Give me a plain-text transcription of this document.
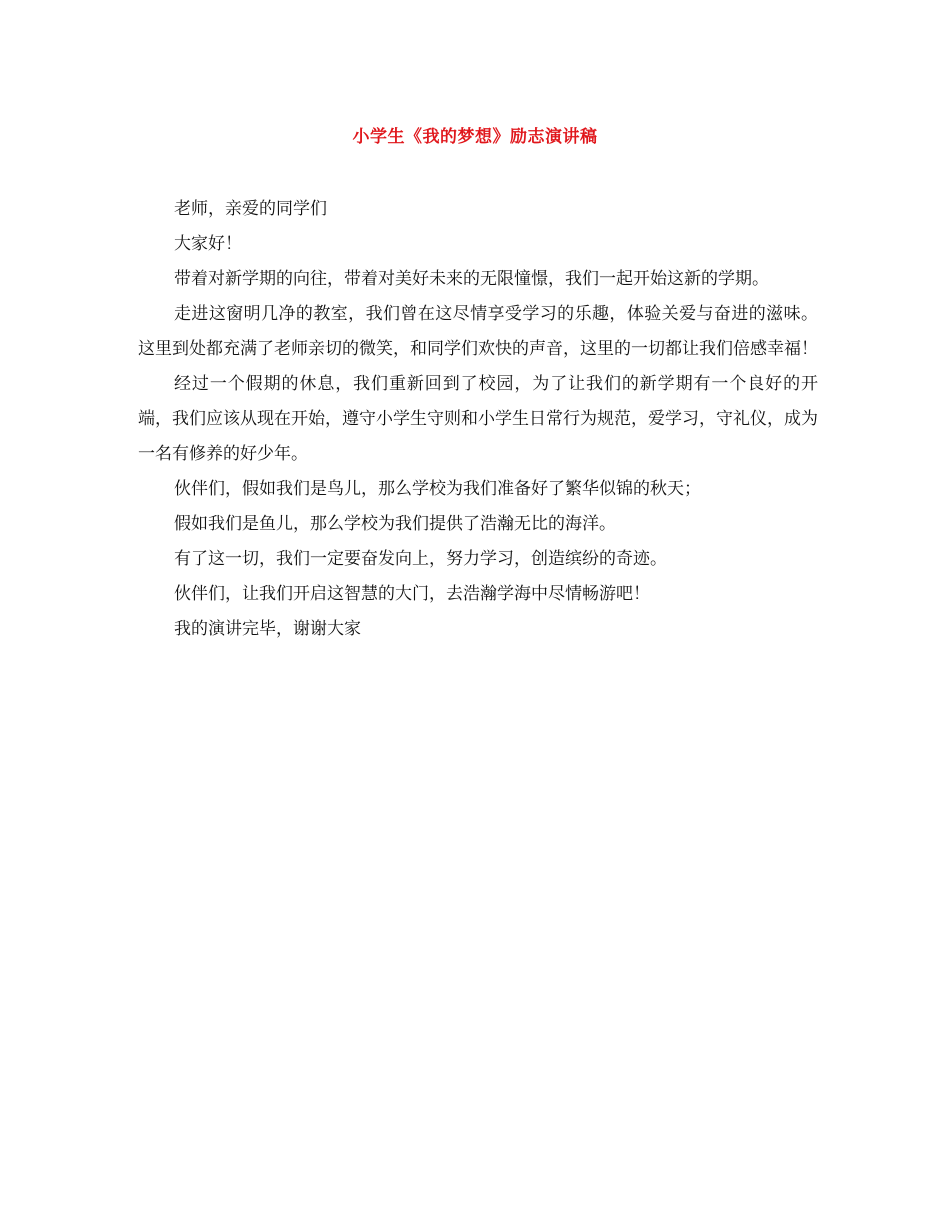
小学生《我的梦想》励志演讲稿

老师，亲爱的同学们

大家好！

带着对新学期的向往，带着对美好未来的无限憧憬，我们一起开始这新的学期。

走进这窗明几净的教室，我们曾在这尽情享受学习的乐趣，体验关爱与奋进的滋味。这里到处都充满了老师亲切的微笑，和同学们欢快的声音，这里的一切都让我们倍感幸福！

经过一个假期的休息，我们重新回到了校园，为了让我们的新学期有一个良好的开端，我们应该从现在开始，遵守小学生守则和小学生日常行为规范，爱学习，守礼仪，成为一名有修养的好少年。

伙伴们，假如我们是鸟儿，那么学校为我们准备好了繁华似锦的秋天；

假如我们是鱼儿，那么学校为我们提供了浩瀚无比的海洋。

有了这一切，我们一定要奋发向上，努力学习，创造缤纷的奇迹。

伙伴们，让我们开启这智慧的大门，去浩瀚学海中尽情畅游吧！

我的演讲完毕，谢谢大家
